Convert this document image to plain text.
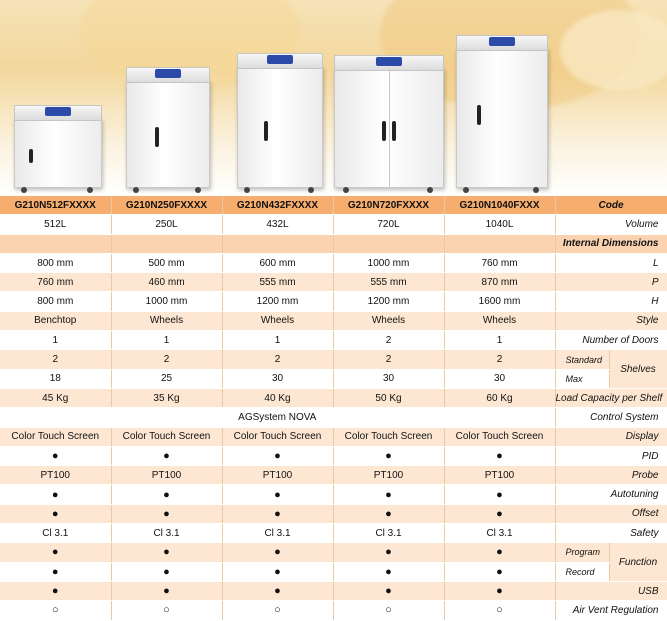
G210N512FXXXX	G210N250FXXXX	G210N432FXXXX	G210N720FXXXX	G210N1040FXXX	Code	
512L	250L	432L	720L	1040L	Volume	
					Internal Dimensions	
800 mm	500 mm	600 mm	1000 mm	760 mm	L	
760 mm	460 mm	555 mm	555 mm	870 mm	P	
800 mm	1000 mm	1200 mm	1200 mm	1600 mm	H	
Benchtop	Wheels	Wheels	Wheels	Wheels	Style	
1	1	1	2	1	Number of Doors	
2	2	2	2	2	Standard	Shelves
18	25	30	30	30	Max	
45 Kg	35 Kg	40 Kg	50 Kg	60 Kg	Load Capacity per Shelf	
AGSystem NOVA					Control System	
Color Touch Screen	Color Touch Screen	Color Touch Screen	Color Touch Screen	Color Touch Screen	Display	
●	●	●	●	●	PID	
PT100	PT100	PT100	PT100	PT100	Probe	
●	●	●	●	●	Autotuning	
●	●	●	●	●	Offset	
Cl 3.1	Cl 3.1	Cl 3.1	Cl 3.1	Cl 3.1	Safety	
●	●	●	●	●	Program	Function
●	●	●	●	●	Record	
●	●	●	●	●	USB	
○	○	○	○	○	Air Vent Regulation	
